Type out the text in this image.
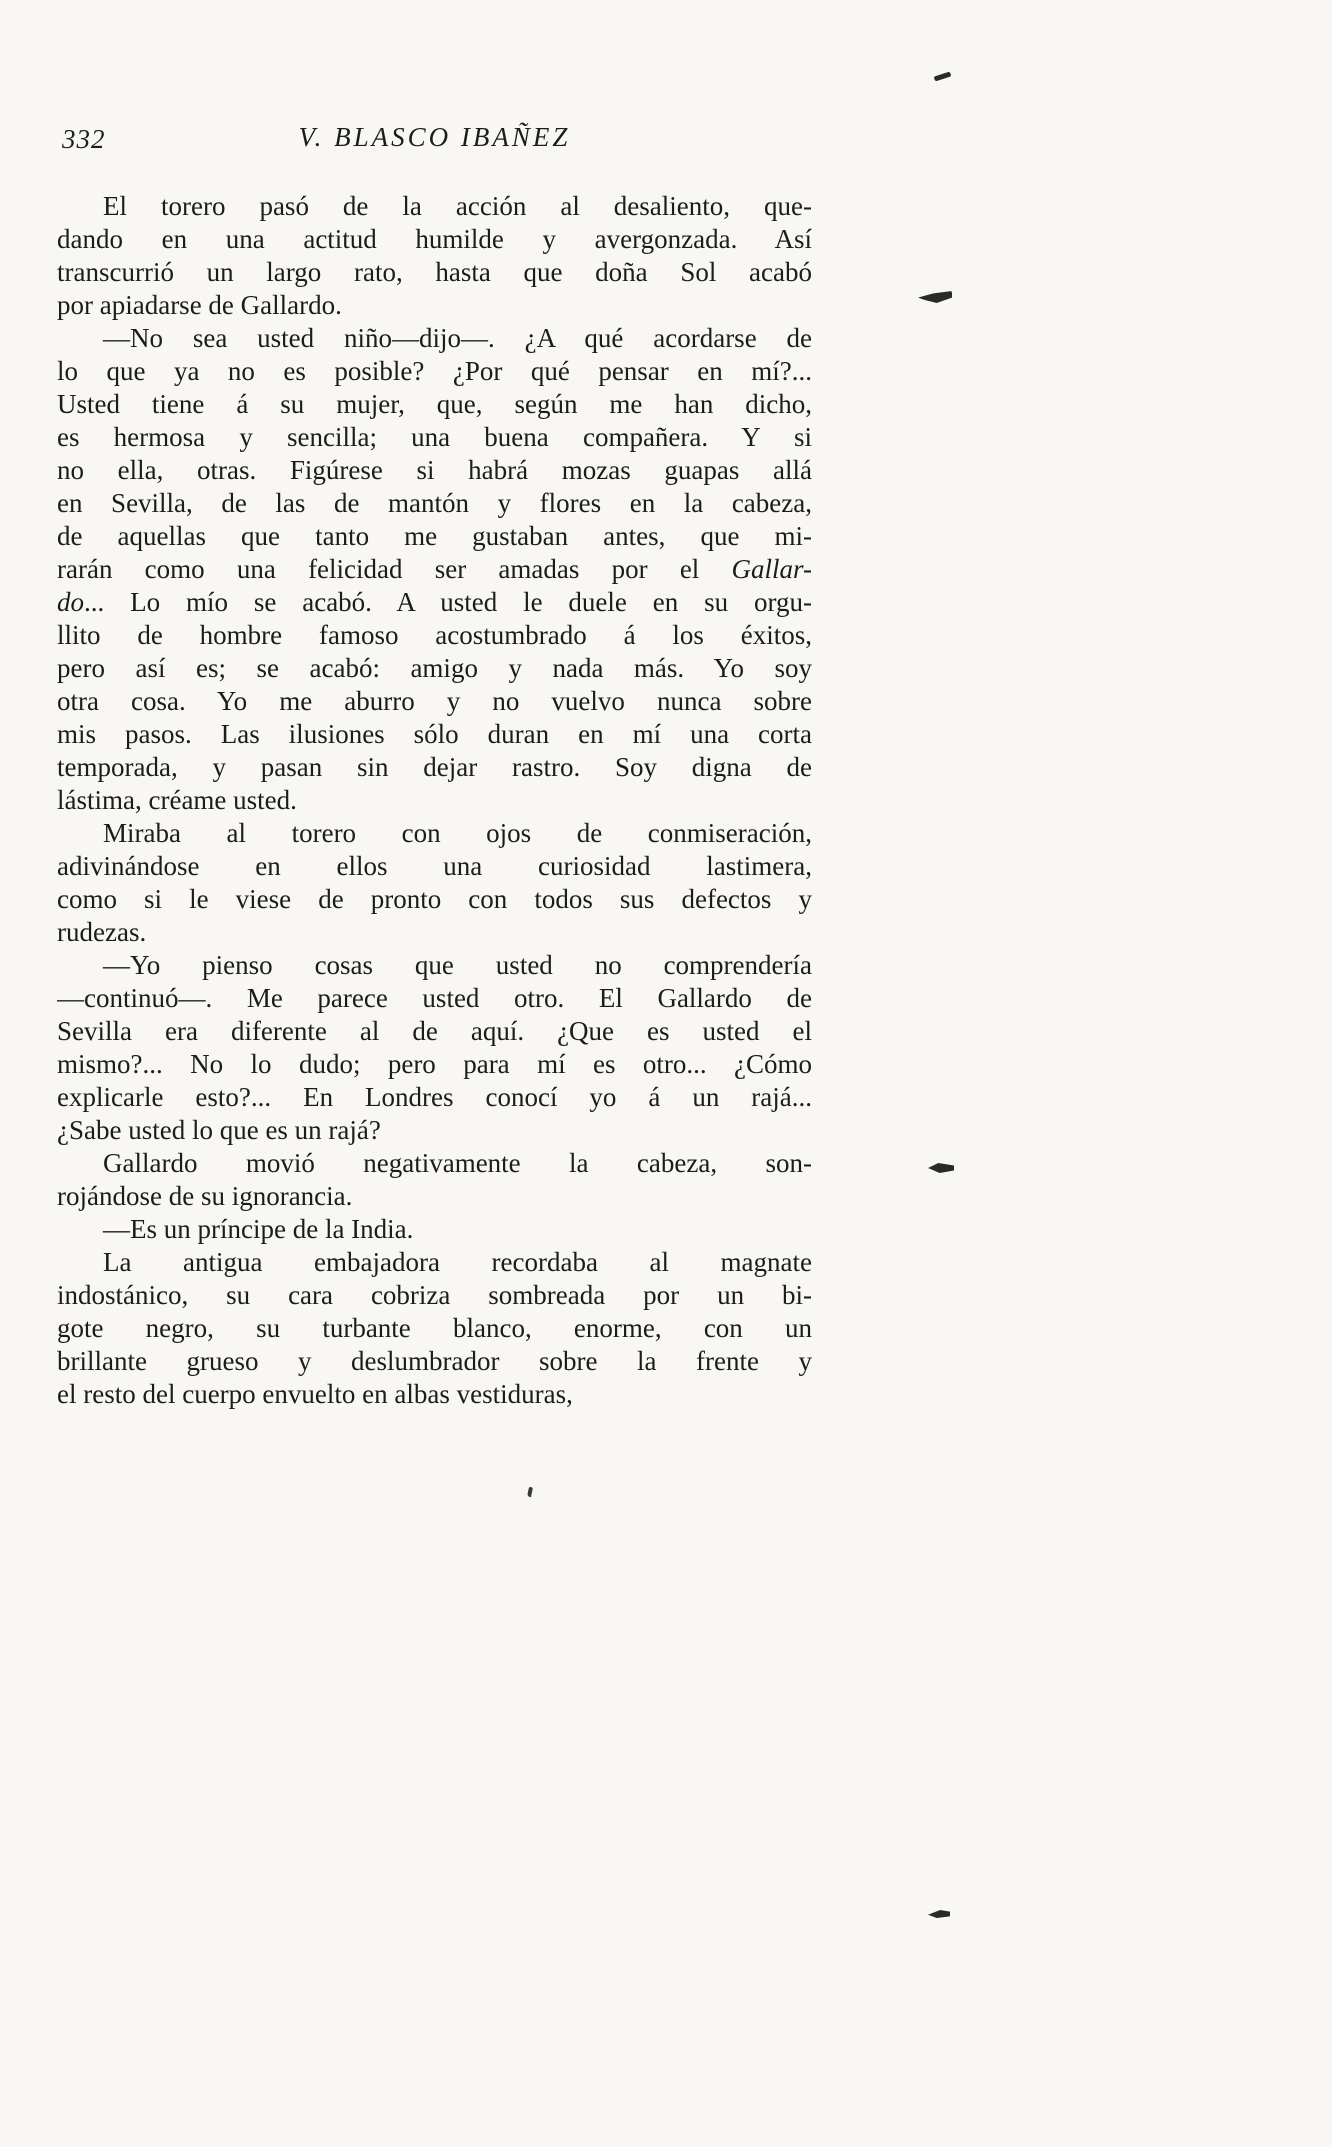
332	V. BLASCO IBAÑEZ
El torero pasó de la acción al desaliento, que-
dando en una actitud humilde y avergonzada. Así
transcurrió un largo rato, hasta que doña Sol acabó
por apiadarse de Gallardo.
—No sea usted niño—dijo—. ¿A qué acordarse de
lo que ya no es posible? ¿Por qué pensar en mí?...
Usted tiene á su mujer, que, según me han dicho,
es hermosa y sencilla; una buena compañera. Y si
no ella, otras. Figúrese si habrá mozas guapas allá
en Sevilla, de las de mantón y flores en la cabeza,
de aquellas que tanto me gustaban antes, que mi-
rarán como una felicidad ser amadas por el Gallar-
do... Lo mío se acabó. A usted le duele en su orgu-
llito de hombre famoso acostumbrado á los éxitos,
pero así es; se acabó: amigo y nada más. Yo soy
otra cosa. Yo me aburro y no vuelvo nunca sobre
mis pasos. Las ilusiones sólo duran en mí una corta
temporada, y pasan sin dejar rastro. Soy digna de
lástima, créame usted.
Miraba al torero con ojos de conmiseración,
adivinándose en ellos una curiosidad lastimera,
como si le viese de pronto con todos sus defectos y
rudezas.
—Yo pienso cosas que usted no comprendería
—continuó—. Me parece usted otro. El Gallardo de
Sevilla era diferente al de aquí. ¿Que es usted el
mismo?... No lo dudo; pero para mí es otro... ¿Cómo
explicarle esto?... En Londres conocí yo á un rajá...
¿Sabe usted lo que es un rajá?
Gallardo movió negativamente la cabeza, son-
rojándose de su ignorancia.
—Es un príncipe de la India.
La antigua embajadora recordaba al magnate
indostánico, su cara cobriza sombreada por un bi-
gote negro, su turbante blanco, enorme, con un
brillante grueso y deslumbrador sobre la frente y
el resto del cuerpo envuelto en albas vestiduras,
